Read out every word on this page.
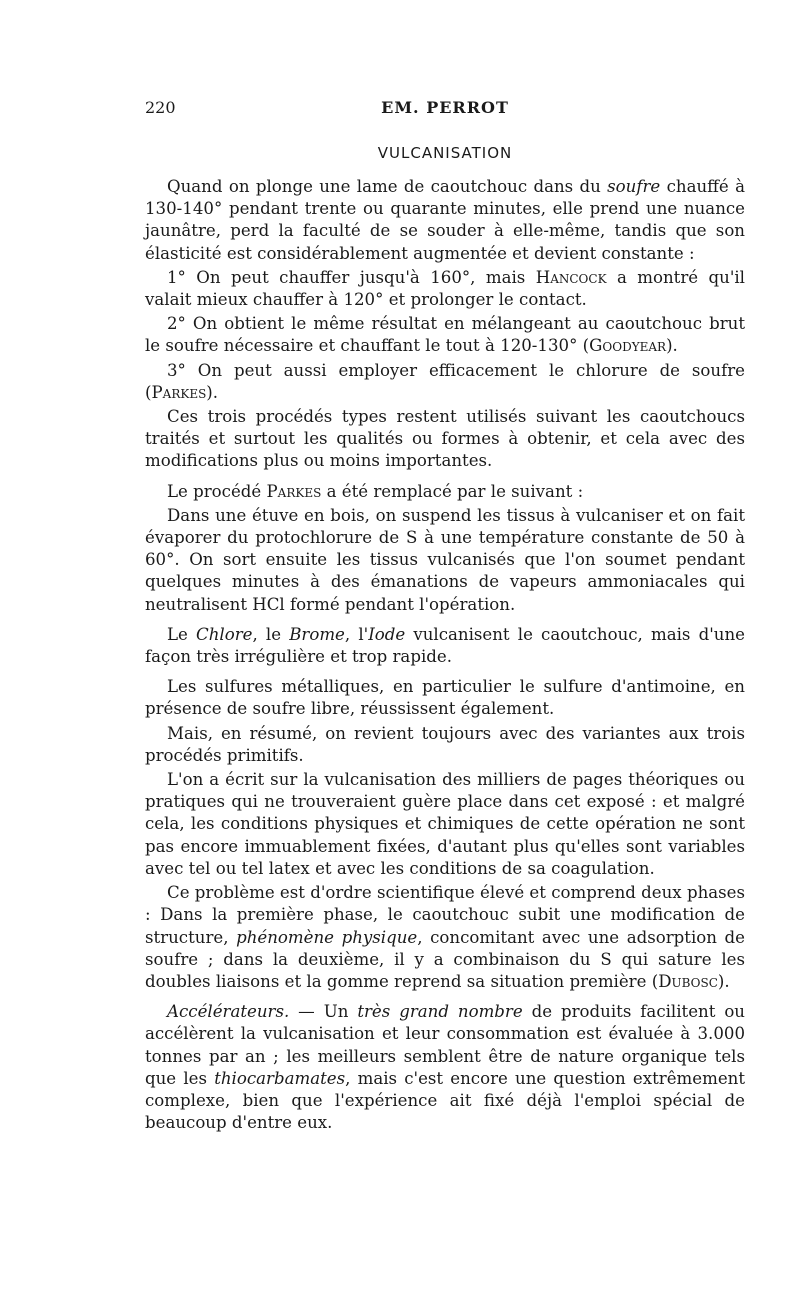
220	EM. PERROT
VULCANISATION

Quand on plonge une lame de caoutchouc dans du soufre chauffé à 130-140° pendant trente ou quarante minutes, elle prend une nuance jaunâtre, perd la faculté de se souder à elle-même, tandis que son élasticité est considérablement augmentée et devient constante :

1° On peut chauffer jusqu'à 160°, mais Hancock a montré qu'il valait mieux chauffer à 120° et prolonger le contact.

2° On obtient le même résultat en mélangeant au caoutchouc brut le soufre nécessaire et chauffant le tout à 120-130° (Goodyear).

3° On peut aussi employer efficacement le chlorure de soufre (Parkes).

Ces trois procédés types restent utilisés suivant les caoutchoucs traités et surtout les qualités ou formes à obtenir, et cela avec des modifications plus ou moins importantes.

Le procédé Parkes a été remplacé par le suivant :

Dans une étuve en bois, on suspend les tissus à vulcaniser et on fait évaporer du protochlorure de S à une température constante de 50 à 60°. On sort ensuite les tissus vulcanisés que l'on soumet pendant quelques minutes à des émanations de vapeurs ammoniacales qui neutralisent HCl formé pendant l'opération.

Le Chlore, le Brome, l'Iode vulcanisent le caoutchouc, mais d'une façon très irrégulière et trop rapide.

Les sulfures métalliques, en particulier le sulfure d'antimoine, en présence de soufre libre, réussissent également.

Mais, en résumé, on revient toujours avec des variantes aux trois procédés primitifs.

L'on a écrit sur la vulcanisation des milliers de pages théoriques ou pratiques qui ne trouveraient guère place dans cet exposé : et malgré cela, les conditions physiques et chimiques de cette opération ne sont pas encore immuablement fixées, d'autant plus qu'elles sont variables avec tel ou tel latex et avec les conditions de sa coagulation.

Ce problème est d'ordre scientifique élevé et comprend deux phases : Dans la première phase, le caoutchouc subit une modification de structure, phénomène physique, concomitant avec une adsorption de soufre ; dans la deuxième, il y a combinaison du S qui sature les doubles liaisons et la gomme reprend sa situation première (Dubosc).

Accélérateurs. — Un très grand nombre de produits facilitent ou accélèrent la vulcanisation et leur consommation est évaluée à 3.000 tonnes par an ; les meilleurs semblent être de nature organique tels que les thiocarbamates, mais c'est encore une question extrêmement complexe, bien que l'expérience ait fixé déjà l'emploi spécial de beaucoup d'entre eux.
